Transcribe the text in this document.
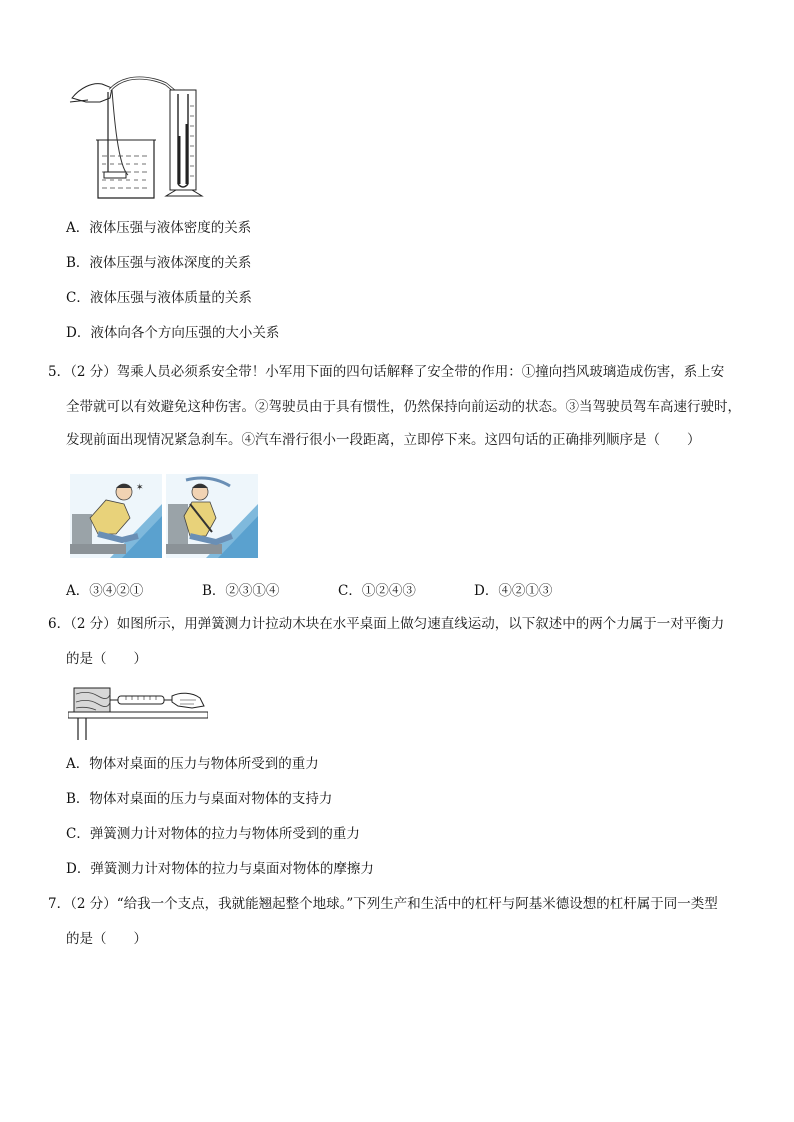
A．液体压强与液体密度的关系
B．液体压强与液体深度的关系
C．液体压强与液体质量的关系
D．液体向各个方向压强的大小关系
5．（2 分）驾乘人员必须系安全带！小军用下面的四句话解释了安全带的作用：①撞向挡风玻璃造成伤害，系上安
全带就可以有效避免这种伤害。②驾驶员由于具有惯性，仍然保持向前运动的状态。③当驾驶员驾车高速行驶时，
发现前面出现情况紧急刹车。④汽车滑行很小一段距离，立即停下来。这四句话的正确排列顺序是（　　）
✶
A．③④②①	B．②③①④	C．①②④③	D．④②①③
6．（2 分）如图所示，用弹簧测力计拉动木块在水平桌面上做匀速直线运动，以下叙述中的两个力属于一对平衡力
的是（　　）
A．物体对桌面的压力与物体所受到的重力
B．物体对桌面的压力与桌面对物体的支持力
C．弹簧测力计对物体的拉力与物体所受到的重力
D．弹簧测力计对物体的拉力与桌面对物体的摩擦力
7．（2 分）“给我一个支点，我就能翘起整个地球。”下列生产和生活中的杠杆与阿基米德设想的杠杆属于同一类型
的是（　　）
